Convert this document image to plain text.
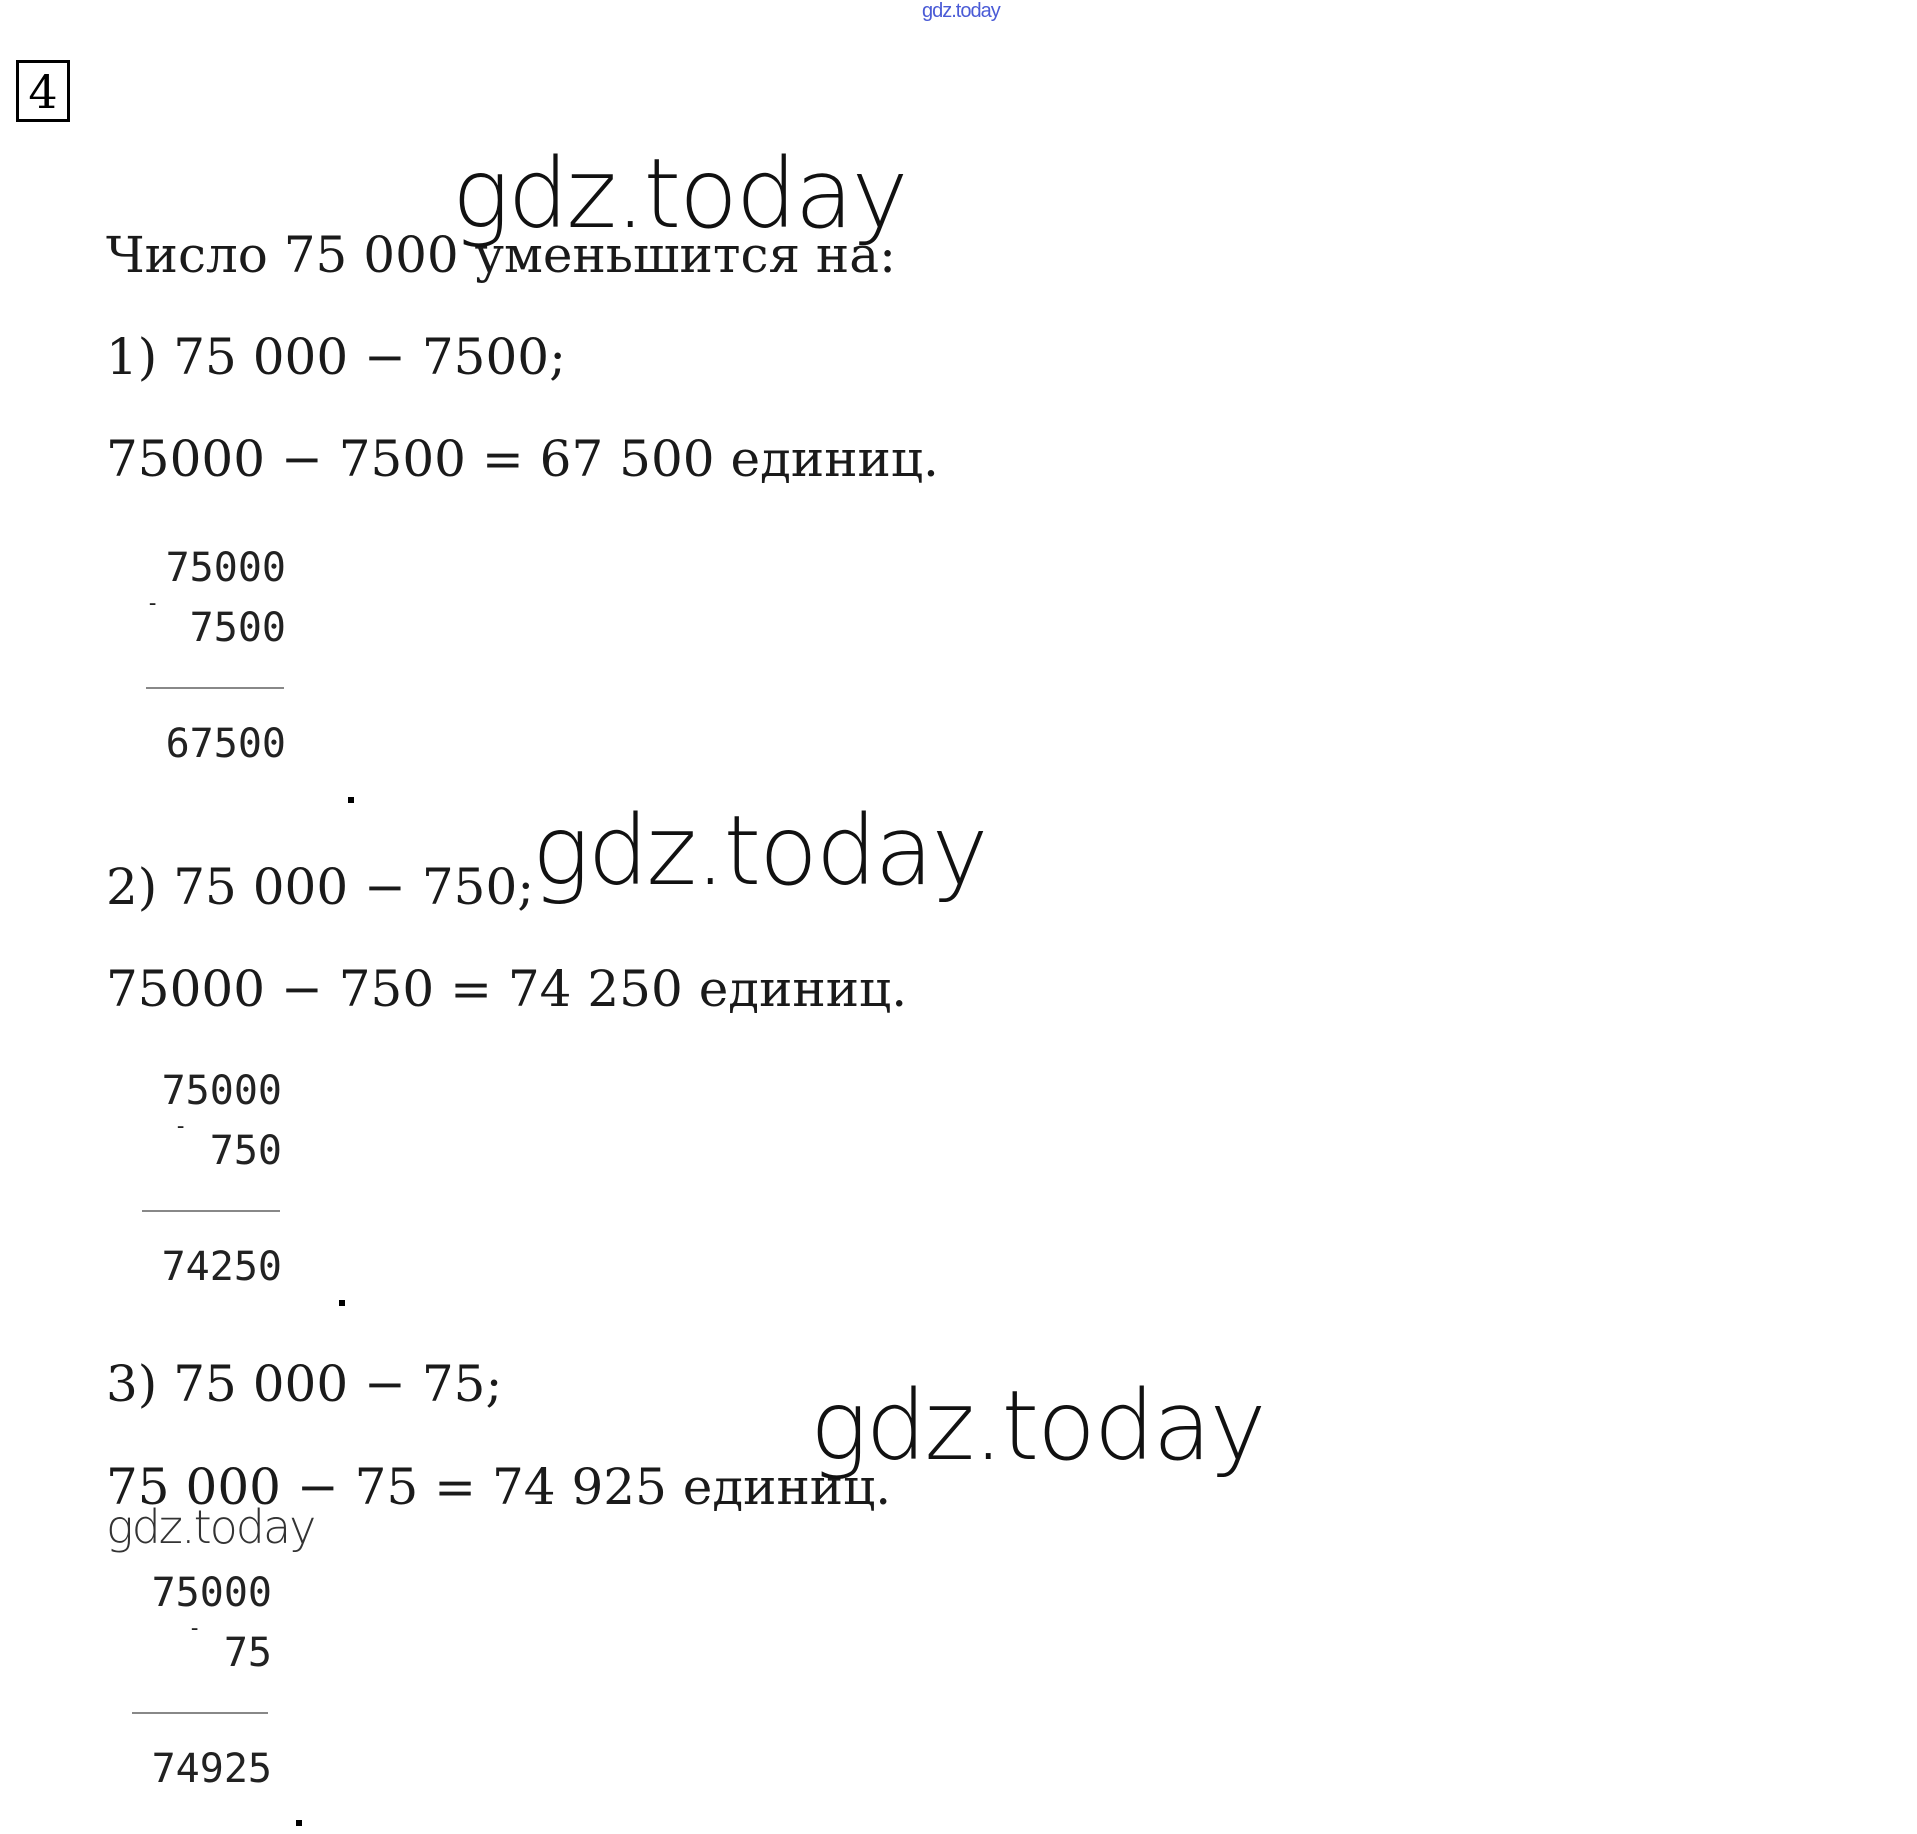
gdz.today
4
Число 75 000 уменьшится на:
1) 75 000 − 7500;
75000 − 7500 = 67 500 единиц.
75000
-
7500
67500
2) 75 000 − 750;
75000 − 750 = 74 250 единиц.
75000
-
750
74250
3) 75 000 − 75;
75 000 − 75 = 74 925 единиц.
75000
-
75
74925
gdz.today
gdz.today
gdz.today
gdz.today
